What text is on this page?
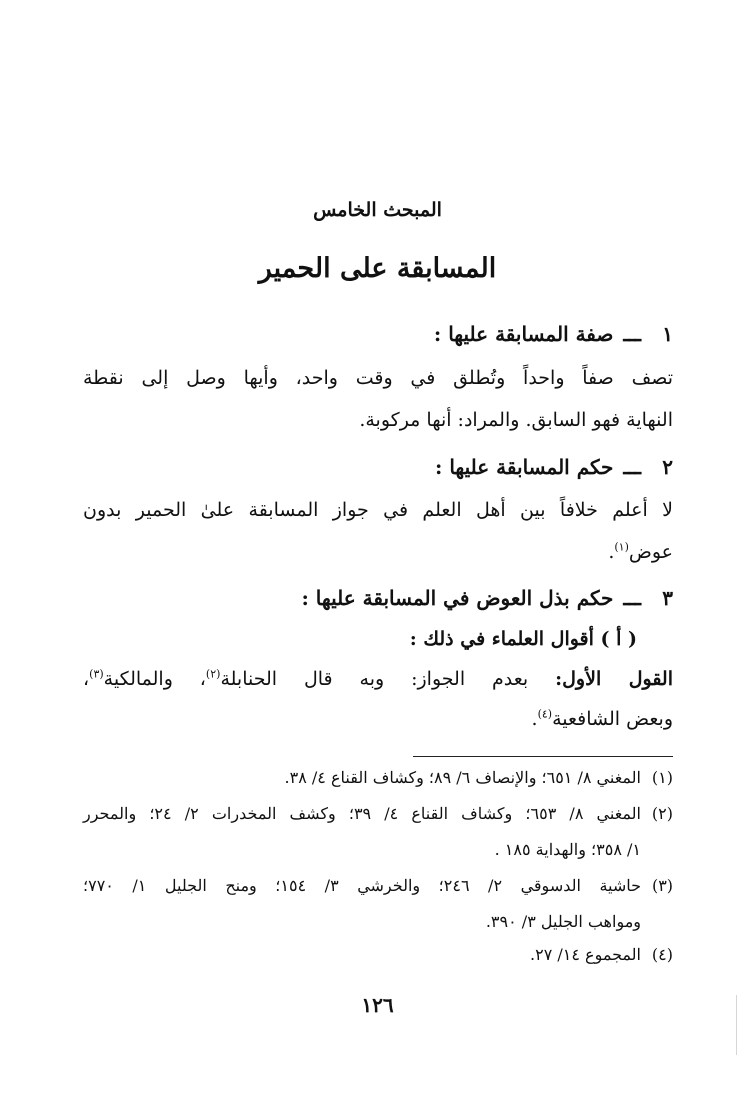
المبحث الخامس
المسابقة على الحمير
١ـــصفة المسابقة عليها :
تصف صفاً واحداً وتُطلق في وقت واحد، وأيها وصل إلى نقطة
النهاية فهو السابق. والمراد: أنها مركوبة.
٢ـــحكم المسابقة عليها :
لا أعلم خلافاً بين أهل العلم في جواز المسابقة علىٰ الحمير بدون
عوض$^{(١)}$.
٣ـــحكم بذل العوض في المسابقة عليها :
( أ ) أقوال العلماء في ذلك :
القول الأول: بعدم الجواز: وبه قال الحنابلة$^{(٢)}$، والمالكية$^{(٣)}$،
وبعض الشافعية$^{(٤)}$.
(١)المغني ٨/ ٦٥١؛ والإنصاف ٦/ ٨٩؛ وكشاف القناع ٤/ ٣٨.
(٢)المغني ٨/ ٦٥٣؛ وكشاف القناع ٤/ ٣٩؛ وكشف المخدرات ٢/ ٢٤؛ والمحرر
١/ ٣٥٨؛ والهداية ١٨٥ .
(٣)حاشية الدسوقي ٢/ ٢٤٦؛ والخرشي ٣/ ١٥٤؛ ومنح الجليل ١/ ٧٧٠؛
ومواهب الجليل ٣/ ٣٩٠.
(٤)المجموع ١٤/ ٢٧.
١٢٦
